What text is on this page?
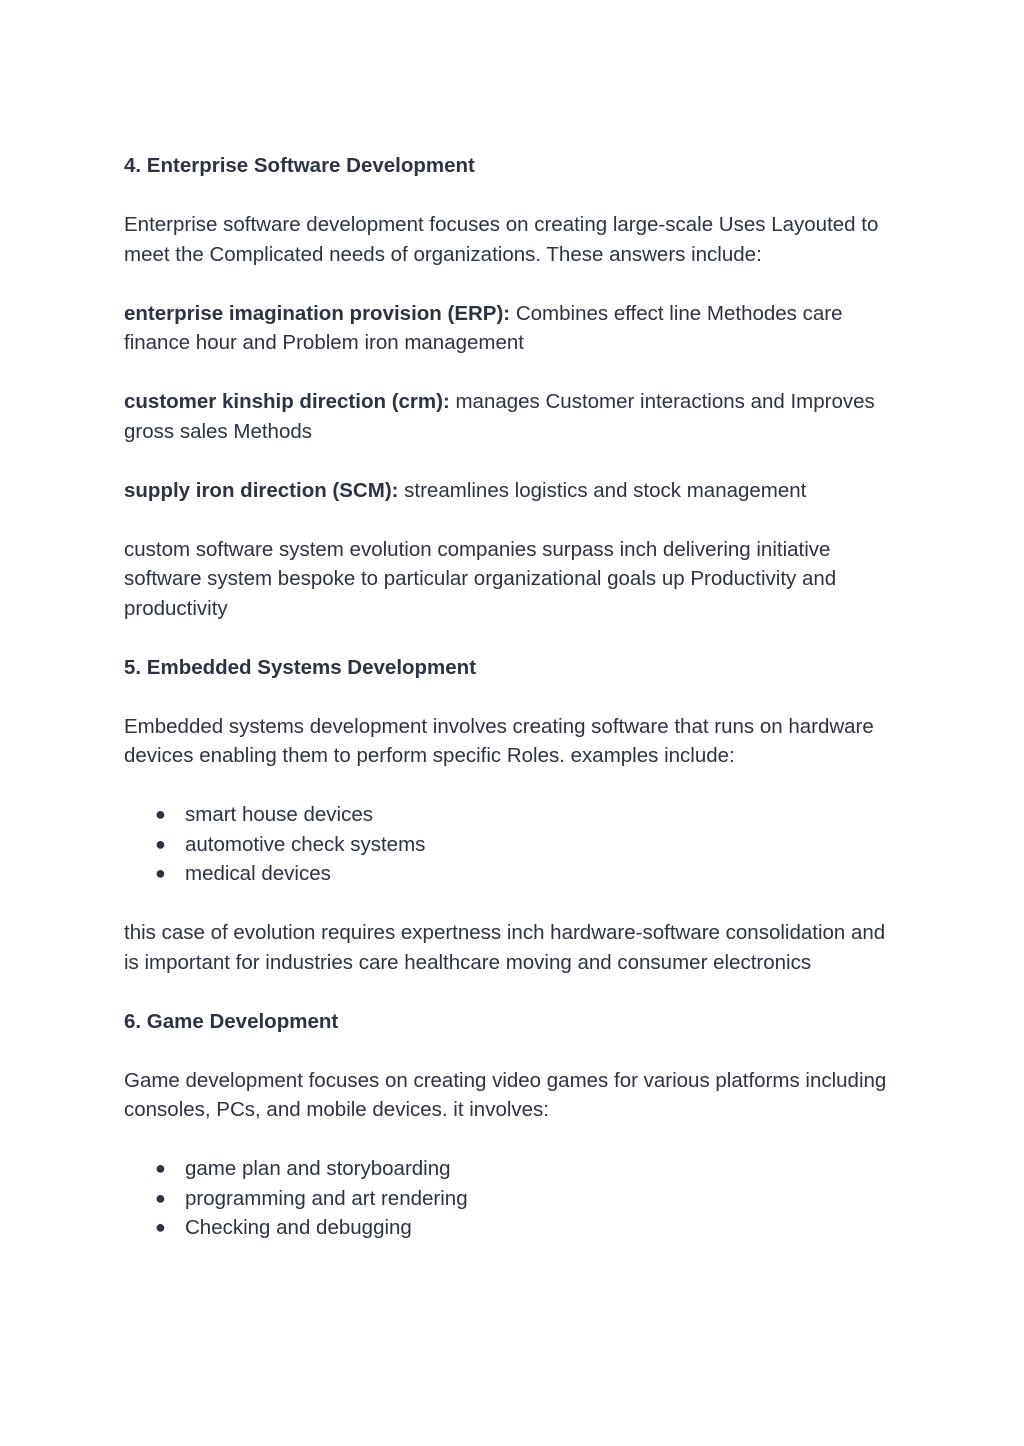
4. Enterprise Software Development
Enterprise software development focuses on creating large-scale Uses Layouted to meet the Complicated needs of organizations. These answers include:
enterprise imagination provision (ERP): Combines effect line Methodes care finance hour and Problem iron management
customer kinship direction (crm): manages Customer interactions and Improves gross sales Methods
supply iron direction (SCM): streamlines logistics and stock management
custom software system evolution companies surpass inch delivering initiative software system bespoke to particular organizational goals up Productivity and productivity
5. Embedded Systems Development
Embedded systems development involves creating software that runs on hardware devices enabling them to perform specific Roles. examples include:
● smart house devices
● automotive check systems
● medical devices
this case of evolution requires expertness inch hardware-software consolidation and is important for industries care healthcare moving and consumer electronics
6. Game Development
Game development focuses on creating video games for various platforms including consoles, PCs, and mobile devices. it involves:
● game plan and storyboarding
● programming and art rendering
● Checking and debugging
